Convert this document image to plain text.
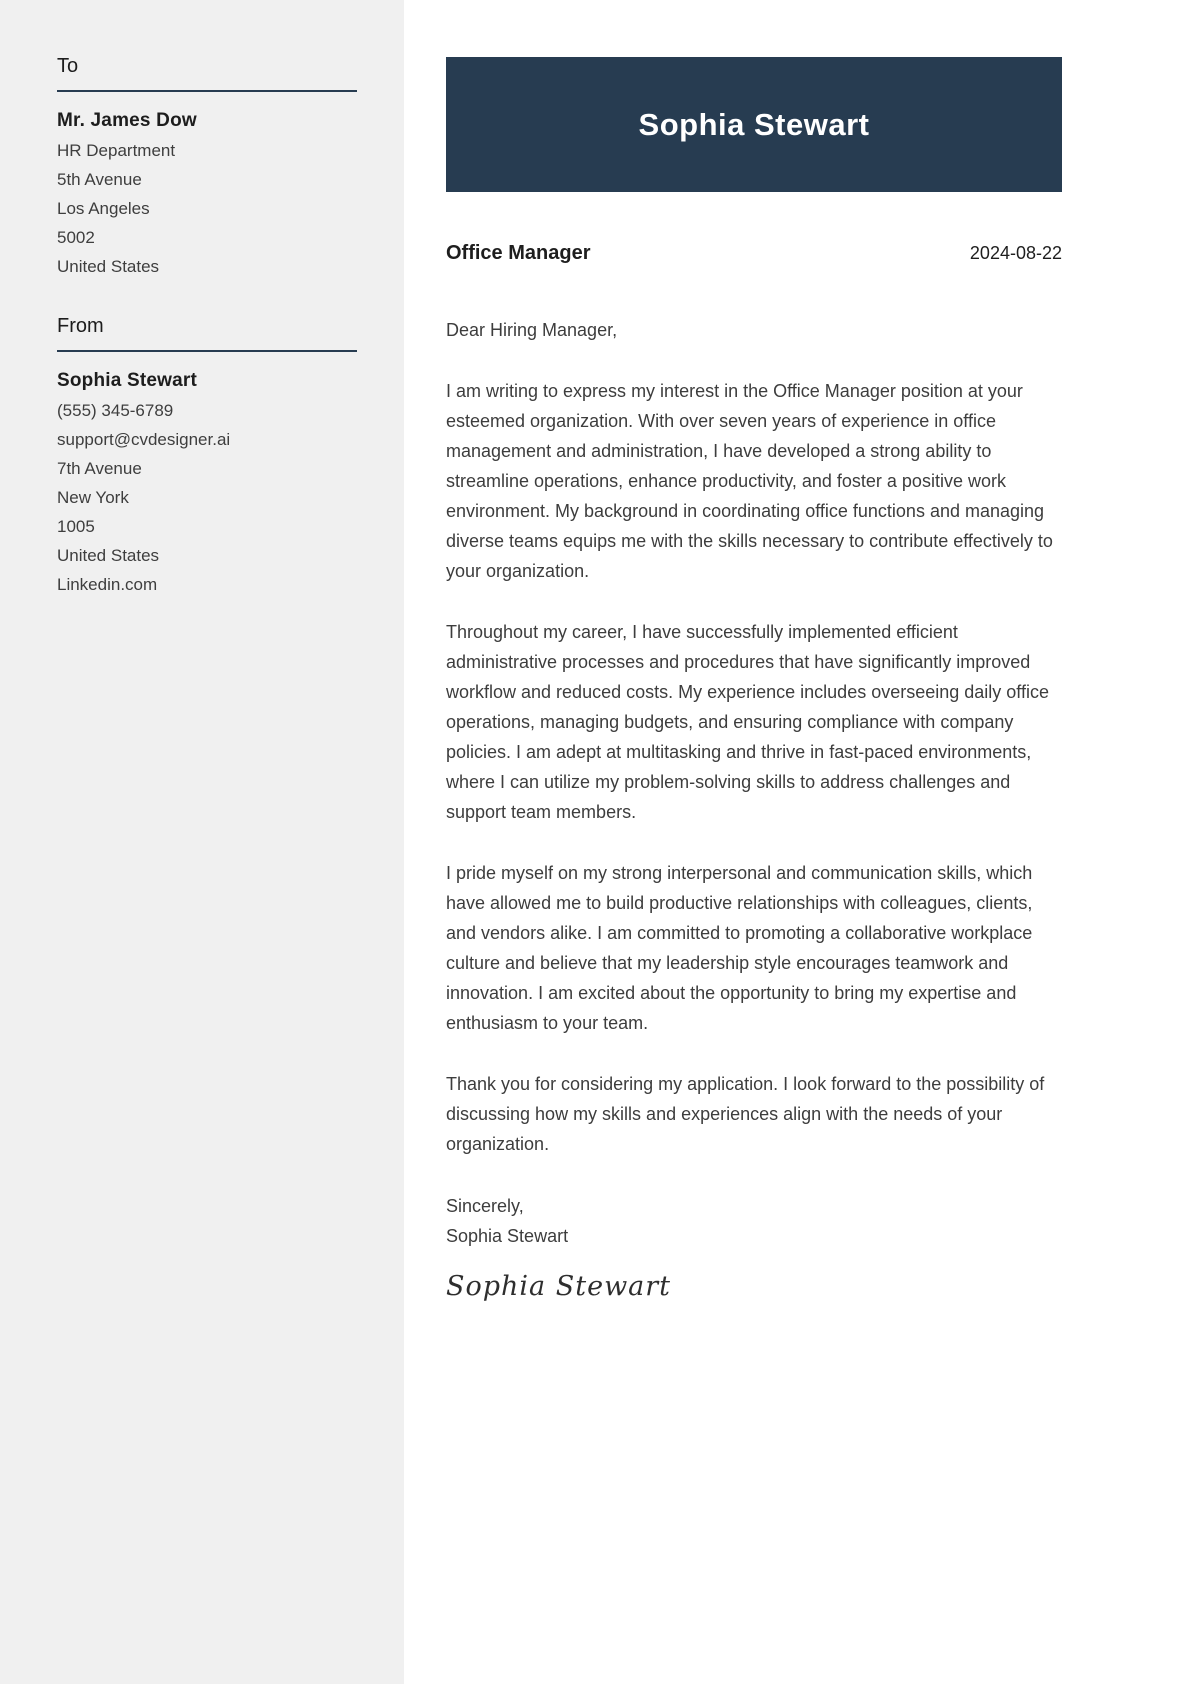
To
Mr. James Dow
HR Department
5th Avenue
Los Angeles
5002
United States
From
Sophia Stewart
(555) 345-6789
support@cvdesigner.ai
7th Avenue
New York
1005
United States
Linkedin.com
Sophia Stewart
Office Manager	2024-08-22

Dear Hiring Manager,

I am writing to express my interest in the Office Manager position at your esteemed organization. With over seven years of experience in office management and administration, I have developed a strong ability to streamline operations, enhance productivity, and foster a positive work environment. My background in coordinating office functions and managing diverse teams equips me with the skills necessary to contribute effectively to your organization.

Throughout my career, I have successfully implemented efficient administrative processes and procedures that have significantly improved workflow and reduced costs. My experience includes overseeing daily office operations, managing budgets, and ensuring compliance with company policies. I am adept at multitasking and thrive in fast-paced environments, where I can utilize my problem-solving skills to address challenges and support team members.

I pride myself on my strong interpersonal and communication skills, which have allowed me to build productive relationships with colleagues, clients, and vendors alike. I am committed to promoting a collaborative workplace culture and believe that my leadership style encourages teamwork and innovation. I am excited about the opportunity to bring my expertise and enthusiasm to your team.

Thank you for considering my application. I look forward to the possibility of discussing how my skills and experiences align with the needs of your organization.

Sincerely,

Sophia Stewart

Sophia Stewart
